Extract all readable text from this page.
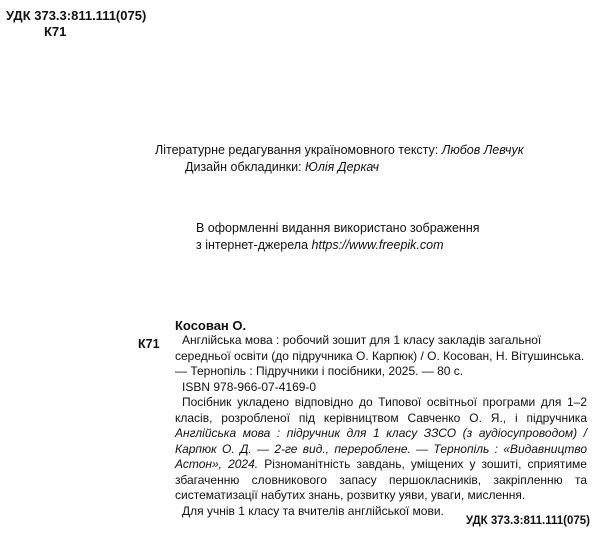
УДК 373.3:811.111(075)
К71
Літературне редагування україномовного тексту: Любов Левчук
Дизайн обкладинки: Юлія Деркач
В оформленні видання використано зображення
з інтернет-джерела https://www.freepik.com
Косован О.
К71	Англійська мова : робочий зошит для 1 класу закладів загальної середньої освіти (до підручника О. Карпюк) / О. Косован, Н. Вітушинська. — Тернопіль : Підручники і посібники, 2025. — 80 с.

ISBN 978-966-07-4169-0

Посібник укладено відповідно до Типової освітньої програми для 1–2 класів, розробленої під керівництвом Савченко О. Я., і підручника Англійська мова : підручник для 1 класу ЗЗСО (з аудіосупроводом) / Карпюк О. Д. — 2-ге вид., перероблене. — Тернопіль : «Видавництво Астон», 2024. Різноманітність завдань, уміщених у зошиті, сприятиме збагаченню словникового запасу першокласників, закріпленню та систематизації набутих знань, розвитку уяви, уваги, мислення.

Для учнів 1 класу та вчителів англійської мови.

УДК 373.3:811.111(075)
